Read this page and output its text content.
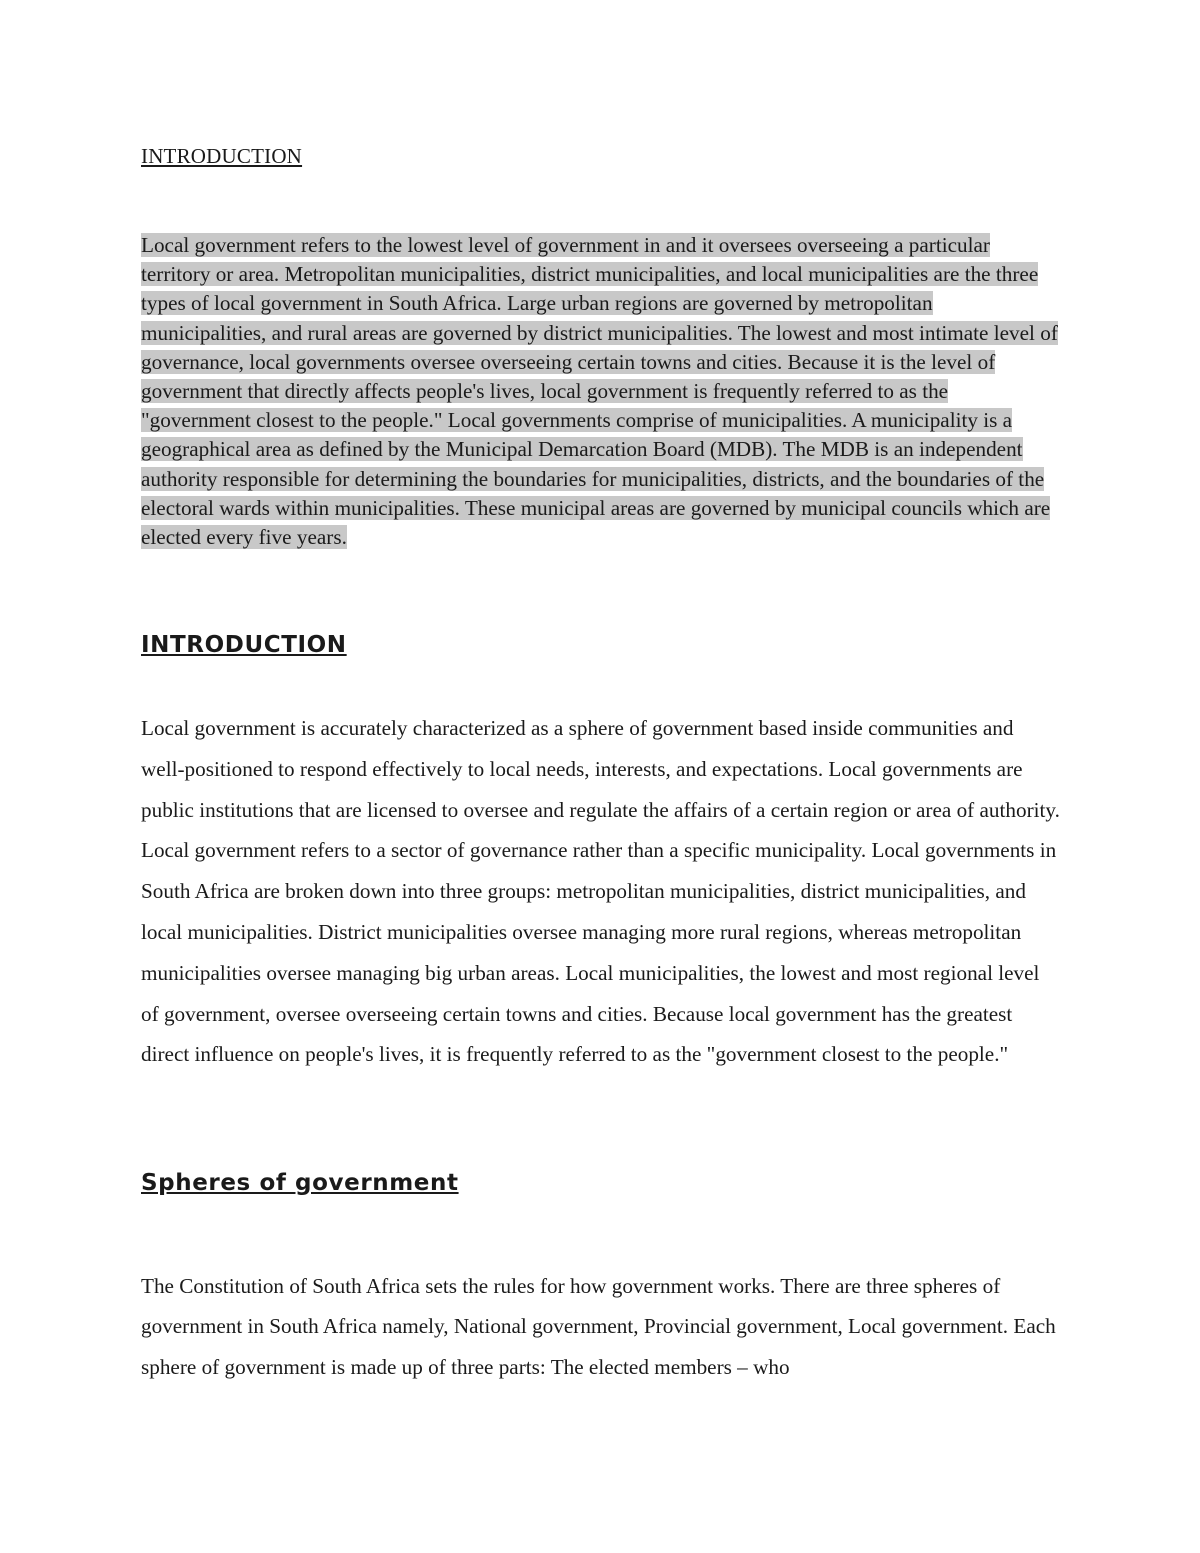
INTRODUCTION
Local government refers to the lowest level of government in and it oversees overseeing a particular territory or area. Metropolitan municipalities, district municipalities, and local municipalities are the three types of local government in South Africa. Large urban regions are governed by metropolitan municipalities, and rural areas are governed by district municipalities. The lowest and most intimate level of governance, local governments oversee overseeing certain towns and cities. Because it is the level of government that directly affects people's lives, local government is frequently referred to as the "government closest to the people." Local governments comprise of municipalities. A municipality is a geographical area as defined by the Municipal Demarcation Board (MDB). The MDB is an independent authority responsible for determining the boundaries for municipalities, districts, and the boundaries of the electoral wards within municipalities. These municipal areas are governed by municipal councils which are elected every five years.
INTRODUCTION
Local government is accurately characterized as a sphere of government based inside communities and well-positioned to respond effectively to local needs, interests, and expectations. Local governments are public institutions that are licensed to oversee and regulate the affairs of a certain region or area of authority. Local government refers to a sector of governance rather than a specific municipality. Local governments in South Africa are broken down into three groups: metropolitan municipalities, district municipalities, and local municipalities. District municipalities oversee managing more rural regions, whereas metropolitan municipalities oversee managing big urban areas. Local municipalities, the lowest and most regional level of government, oversee overseeing certain towns and cities. Because local government has the greatest direct influence on people's lives, it is frequently referred to as the "government closest to the people."
Spheres of government
The Constitution of South Africa sets the rules for how government works. There are three spheres of government in South Africa namely, National government, Provincial government, Local government. Each sphere of government is made up of three parts: The elected members – who
